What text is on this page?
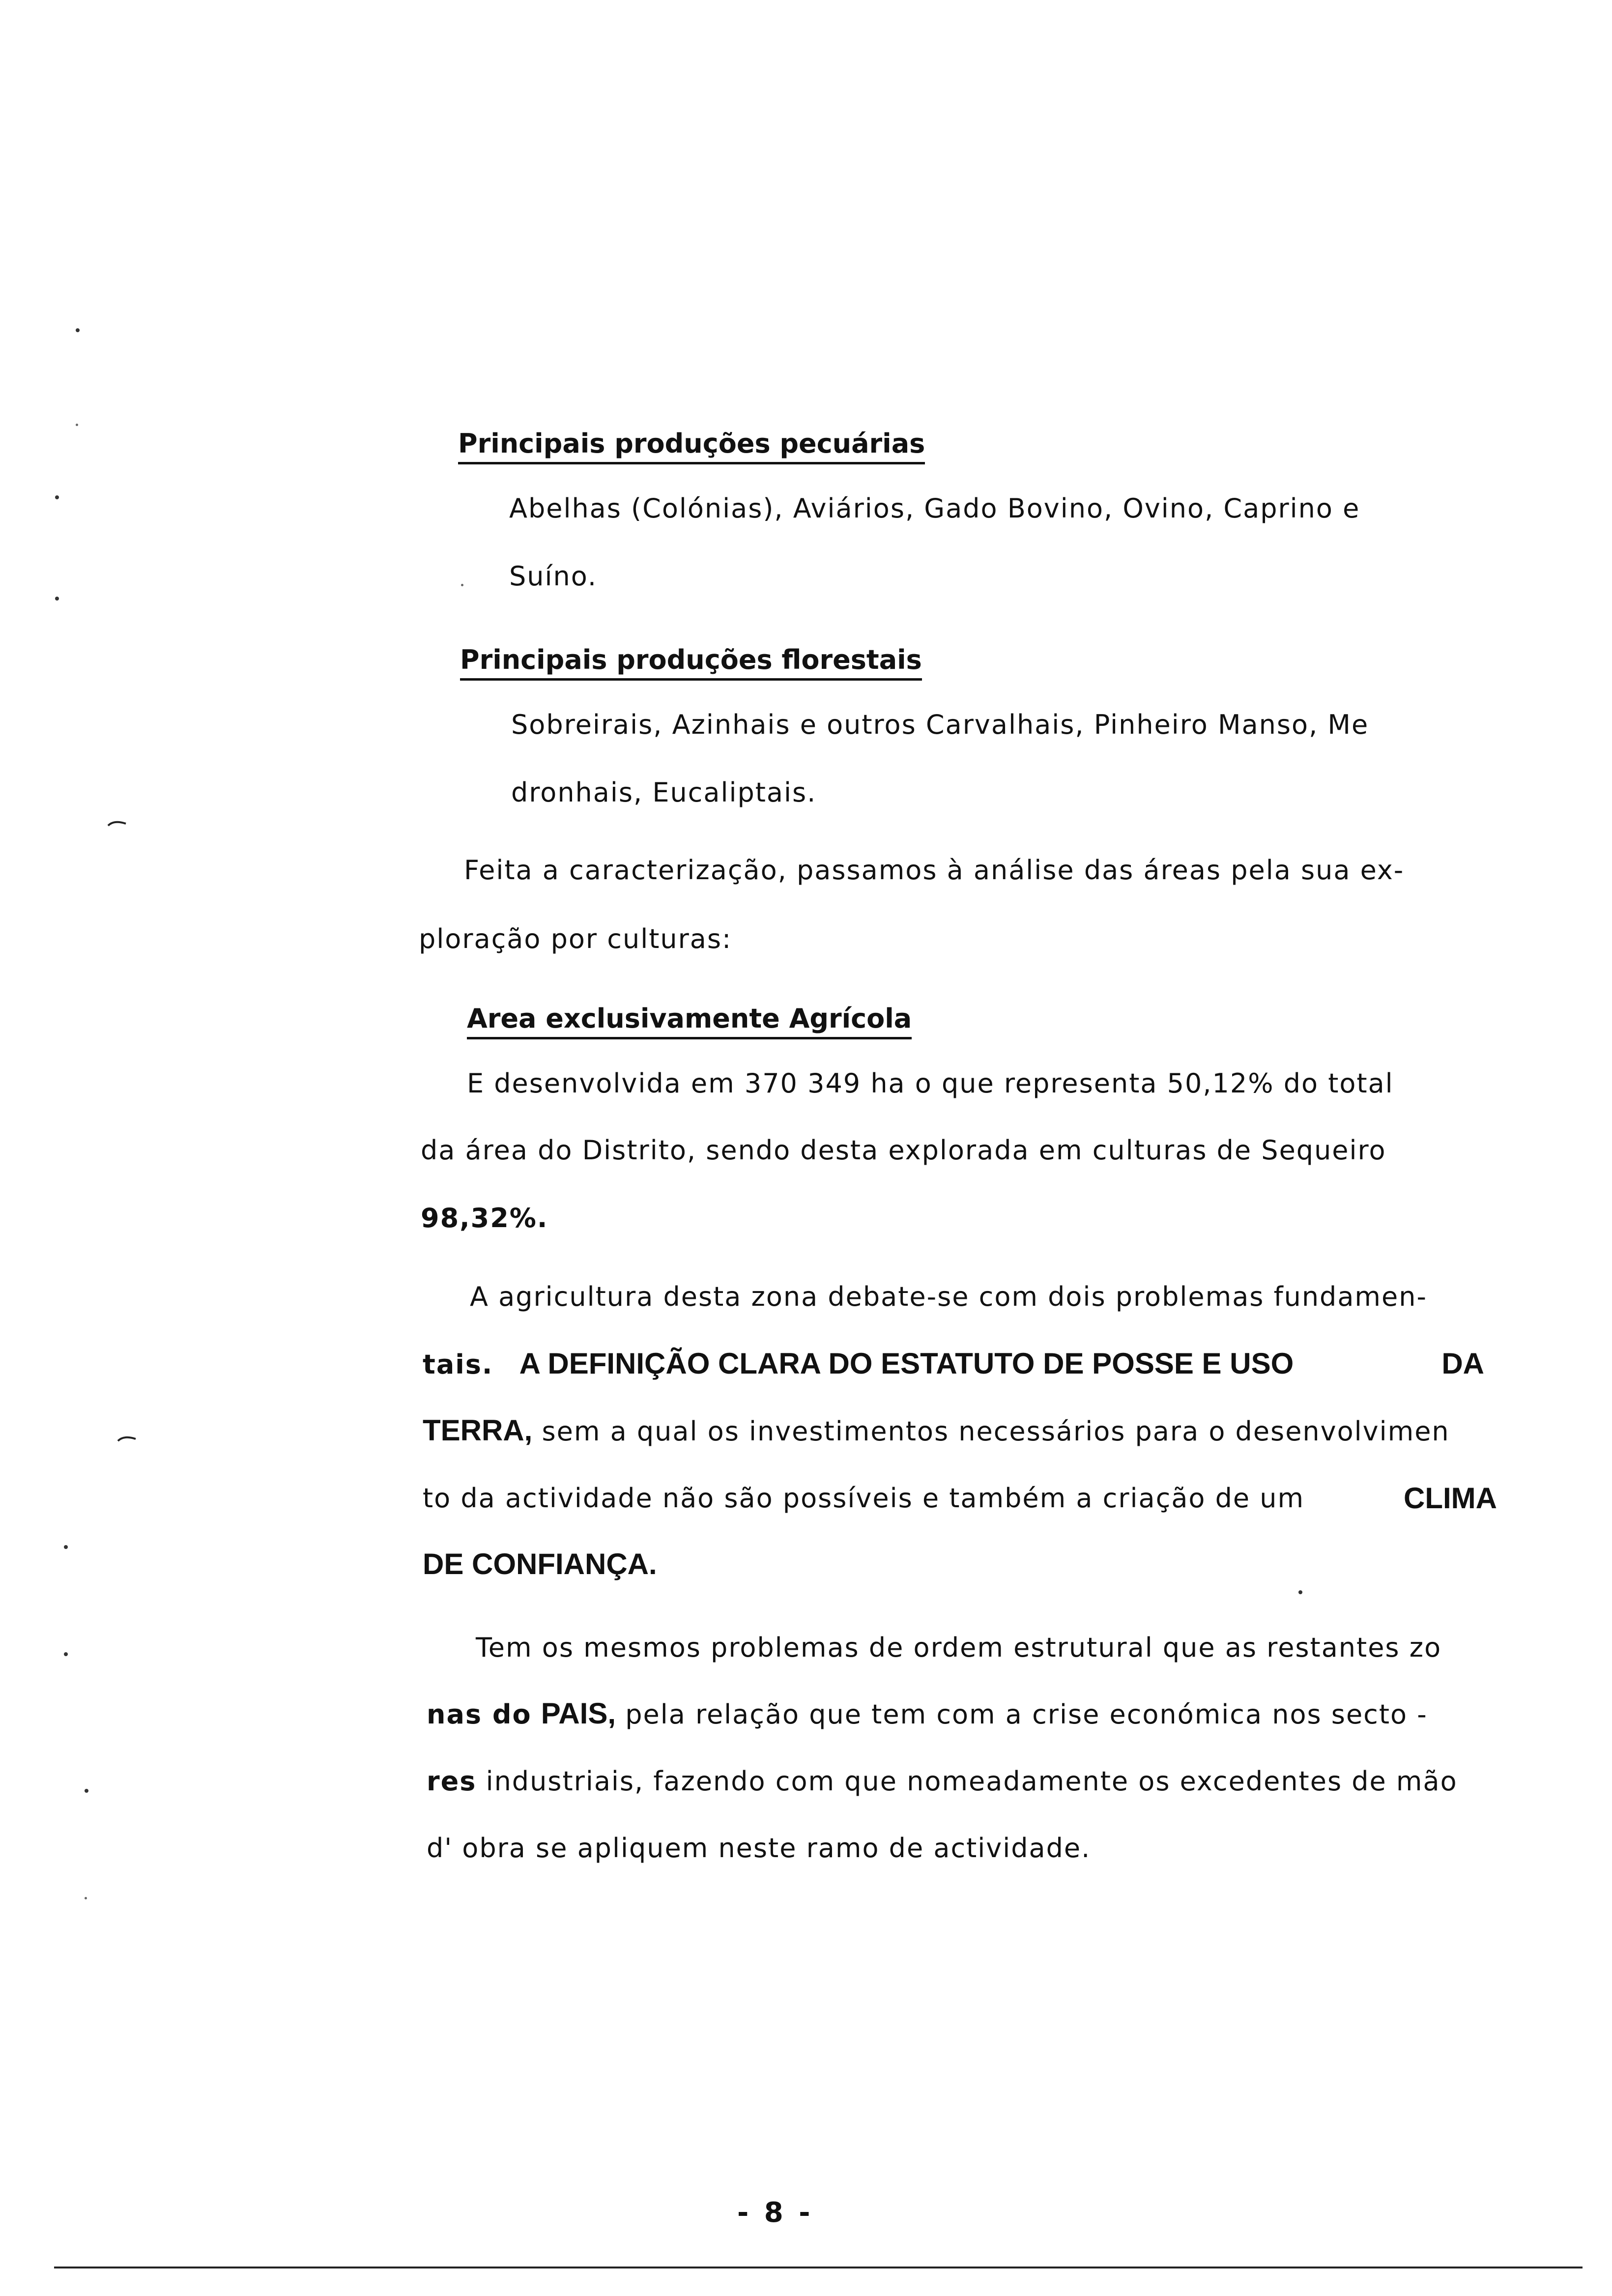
Principais produções pecuárias
Abelhas (Colónias), Aviários, Gado Bovino, Ovino, Caprino e
Suíno.
Principais produções florestais
Sobreirais, Azinhais e outros Carvalhais, Pinheiro Manso, Me
dronhais, Eucaliptais.
Feita a caracterização, passamos à análise das áreas pela sua ex-
ploração por culturas:
Area exclusivamente Agrícola
E desenvolvida em 370 349 ha o que representa 50,12% do total
da área do Distrito, sendo desta explorada em culturas de Sequeiro
98,32%.
A agricultura desta zona debate-se com dois problemas fundamen-
tais. A DEFINIÇÃO CLARA DO ESTATUTO DE POSSE E USO	DA
TERRA, sem a qual os investimentos necessários para o desenvolvimen
to da actividade não são possíveis e também a criação de um	CLIMA
DE CONFIANÇA.
Tem os mesmos problemas de ordem estrutural que as restantes zo
nas do PAIS, pela relação que tem com a crise económica nos secto -
res industriais, fazendo com que nomeadamente os excedentes de mão
d' obra se apliquem neste ramo de actividade.
- 8 -
